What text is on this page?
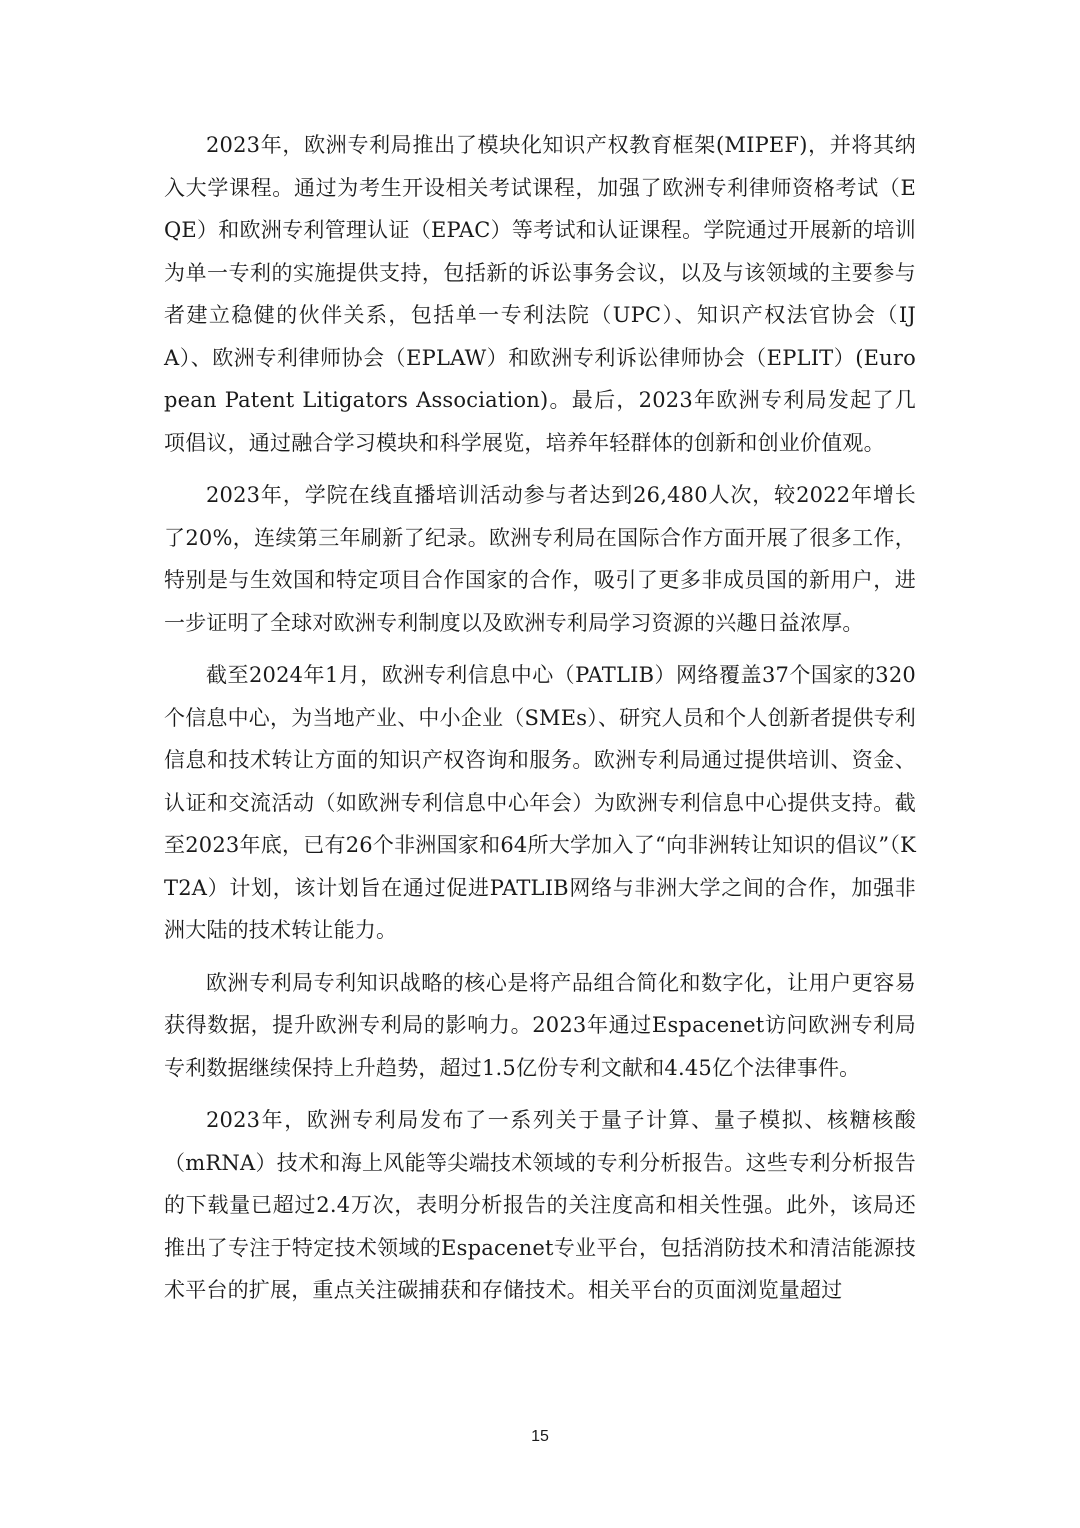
2023年，欧洲专利局推出了模块化知识产权教育框架(MIPEF)，并将其纳入大学课程。通过为考生开设相关考试课程，加强了欧洲专利律师资格考试（EQE）和欧洲专利管理认证（EPAC）等考试和认证课程。学院通过开展新的培训为单一专利的实施提供支持，包括新的诉讼事务会议，以及与该领域的主要参与者建立稳健的伙伴关系，包括单一专利法院（UPC）、知识产权法官协会（IJA）、欧洲专利律师协会（EPLAW）和欧洲专利诉讼律师协会（EPLIT）(European Patent Litigators Association)。最后，2023年欧洲专利局发起了几项倡议，通过融合学习模块和科学展览，培养年轻群体的创新和创业价值观。

2023年，学院在线直播培训活动参与者达到26,480人次，较2022年增长了20%，连续第三年刷新了纪录。欧洲专利局在国际合作方面开展了很多工作，特别是与生效国和特定项目合作国家的合作，吸引了更多非成员国的新用户，进一步证明了全球对欧洲专利制度以及欧洲专利局学习资源的兴趣日益浓厚。

截至2024年1月，欧洲专利信息中心（PATLIB）网络覆盖37个国家的320个信息中心，为当地产业、中小企业（SMEs）、研究人员和个人创新者提供专利信息和技术转让方面的知识产权咨询和服务。欧洲专利局通过提供培训、资金、认证和交流活动（如欧洲专利信息中心年会）为欧洲专利信息中心提供支持。截至2023年底，已有26个非洲国家和64所大学加入了“向非洲转让知识的倡议”（KT2A）计划，该计划旨在通过促进PATLIB网络与非洲大学之间的合作，加强非洲大陆的技术转让能力。

欧洲专利局专利知识战略的核心是将产品组合简化和数字化，让用户更容易获得数据，提升欧洲专利局的影响力。2023年通过Espacenet访问欧洲专利局专利数据继续保持上升趋势，超过1.5亿份专利文献和4.45亿个法律事件。

2023年，欧洲专利局发布了一系列关于量子计算、量子模拟、核糖核酸（mRNA）技术和海上风能等尖端技术领域的专利分析报告。这些专利分析报告的下载量已超过2.4万次，表明分析报告的关注度高和相关性强。此外，该局还推出了专注于特定技术领域的Espacenet专业平台，包括消防技术和清洁能源技术平台的扩展，重点关注碳捕获和存储技术。相关平台的页面浏览量超过

15
